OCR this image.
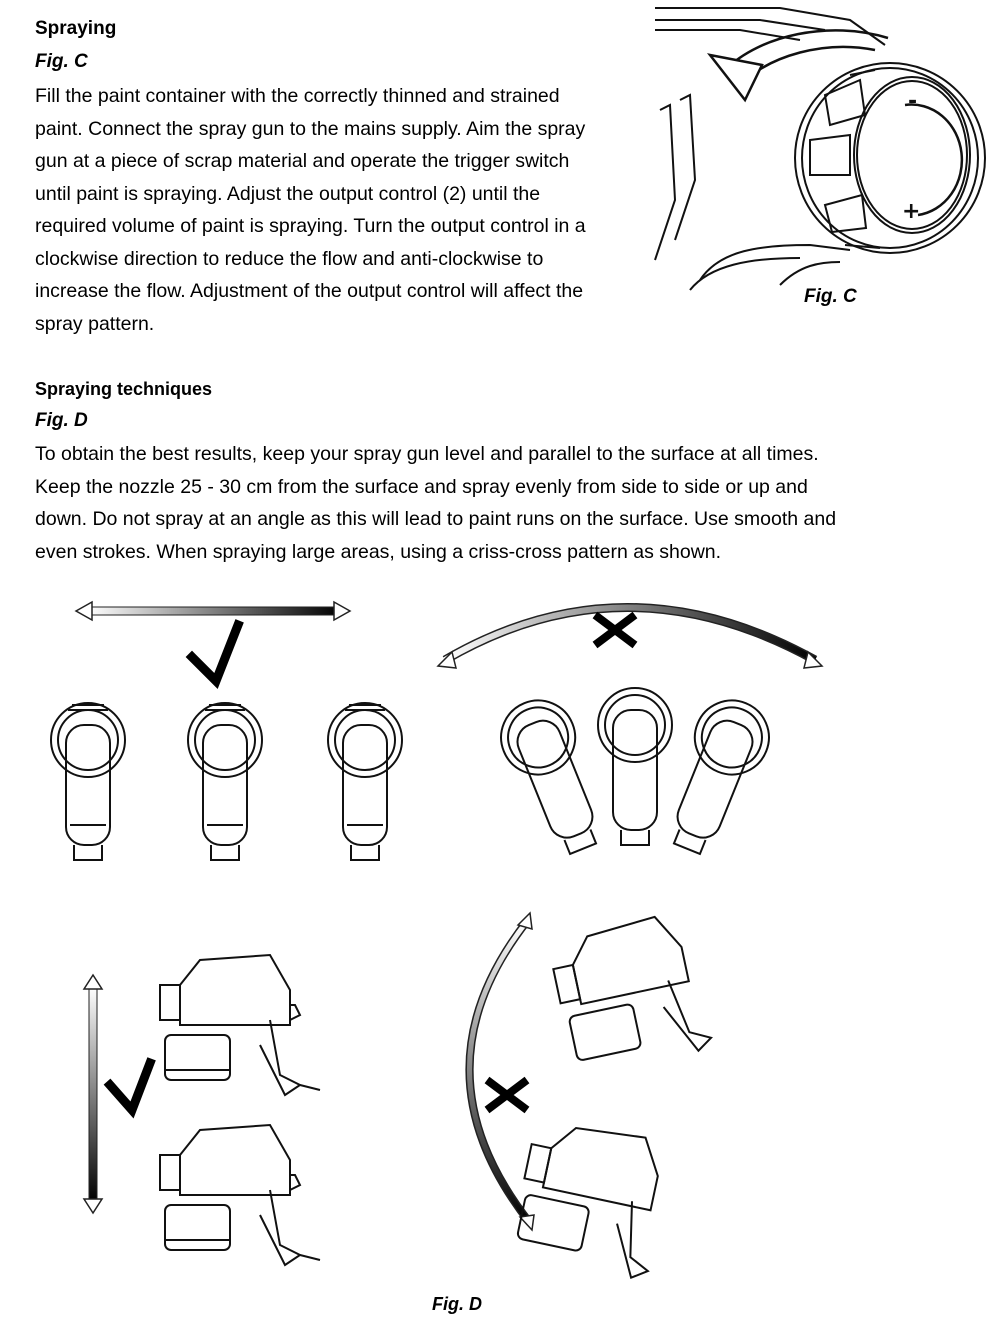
Spraying
Fig. C
Fill the paint container with the correctly thinned and strained
paint. Connect the spray gun to the mains supply. Aim the spray
gun at a piece of scrap material and operate the trigger switch
until paint is spraying. Adjust the output control (2) until the
required volume of paint is spraying. Turn the output control in a
clockwise direction to reduce the flow and anti-clockwise to
increase the flow. Adjustment of the output control will affect the
spray pattern.
-
+
Fig. C
Spraying techniques
Fig. D
To obtain the best results, keep your spray gun level and parallel to the surface at all times.
Keep the nozzle 25 - 30 cm from the surface and spray evenly from side to side or up and
down. Do not spray at an angle as this will lead to paint runs on the surface. Use smooth and
even strokes. When spraying large areas, using a criss-cross pattern as shown.
Fig. D
